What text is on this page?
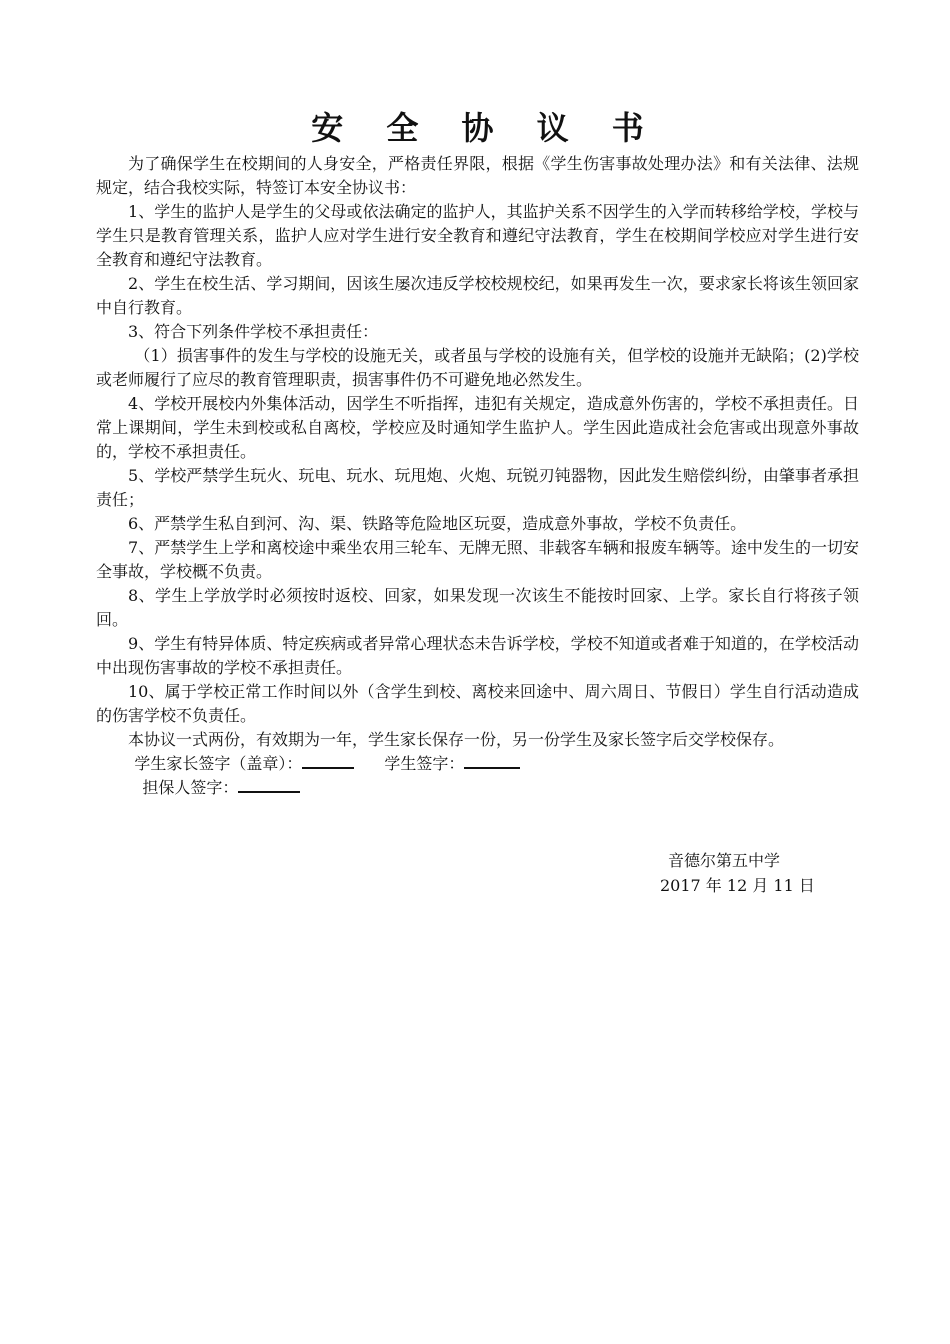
安 全 协 议 书

为了确保学生在校期间的人身安全，严格责任界限，根据《学生伤害事故处理办法》和有关法律、法规规定，结合我校实际，特签订本安全协议书：

1、学生的监护人是学生的父母或依法确定的监护人，其监护关系不因学生的入学而转移给学校，学校与学生只是教育管理关系，监护人应对学生进行安全教育和遵纪守法教育，学生在校期间学校应对学生进行安全教育和遵纪守法教育。

2、学生在校生活、学习期间，因该生屡次违反学校校规校纪，如果再发生一次，要求家长将该生领回家中自行教育。

3、符合下列条件学校不承担责任：

（1）损害事件的发生与学校的设施无关，或者虽与学校的设施有关，但学校的设施并无缺陷；(2)学校或老师履行了应尽的教育管理职责，损害事件仍不可避免地必然发生。

4、学校开展校内外集体活动，因学生不听指挥，违犯有关规定，造成意外伤害的，学校不承担责任。日常上课期间，学生未到校或私自离校，学校应及时通知学生监护人。学生因此造成社会危害或出现意外事故的，学校不承担责任。

5、学校严禁学生玩火、玩电、玩水、玩甩炮、火炮、玩锐刃钝器物，因此发生赔偿纠纷，由肇事者承担责任；

6、严禁学生私自到河、沟、渠、铁路等危险地区玩耍，造成意外事故，学校不负责任。

7、严禁学生上学和离校途中乘坐农用三轮车、无牌无照、非载客车辆和报废车辆等。途中发生的一切安全事故，学校概不负责。

8、学生上学放学时必须按时返校、回家，如果发现一次该生不能按时回家、上学。家长自行将孩子领回。

9、学生有特异体质、特定疾病或者异常心理状态未告诉学校，学校不知道或者难于知道的，在学校活动中出现伤害事故的学校不承担责任。

10、属于学校正常工作时间以外（含学生到校、离校来回途中、周六周日、节假日）学生自行活动造成的伤害学校不负责任。

本协议一式两份，有效期为一年，学生家长保存一份，另一份学生及家长签字后交学校保存。

学生家长签字（盖章）：	学生签字：
担保人签字：
音德尔第五中学
2017 年 12 月 11 日
